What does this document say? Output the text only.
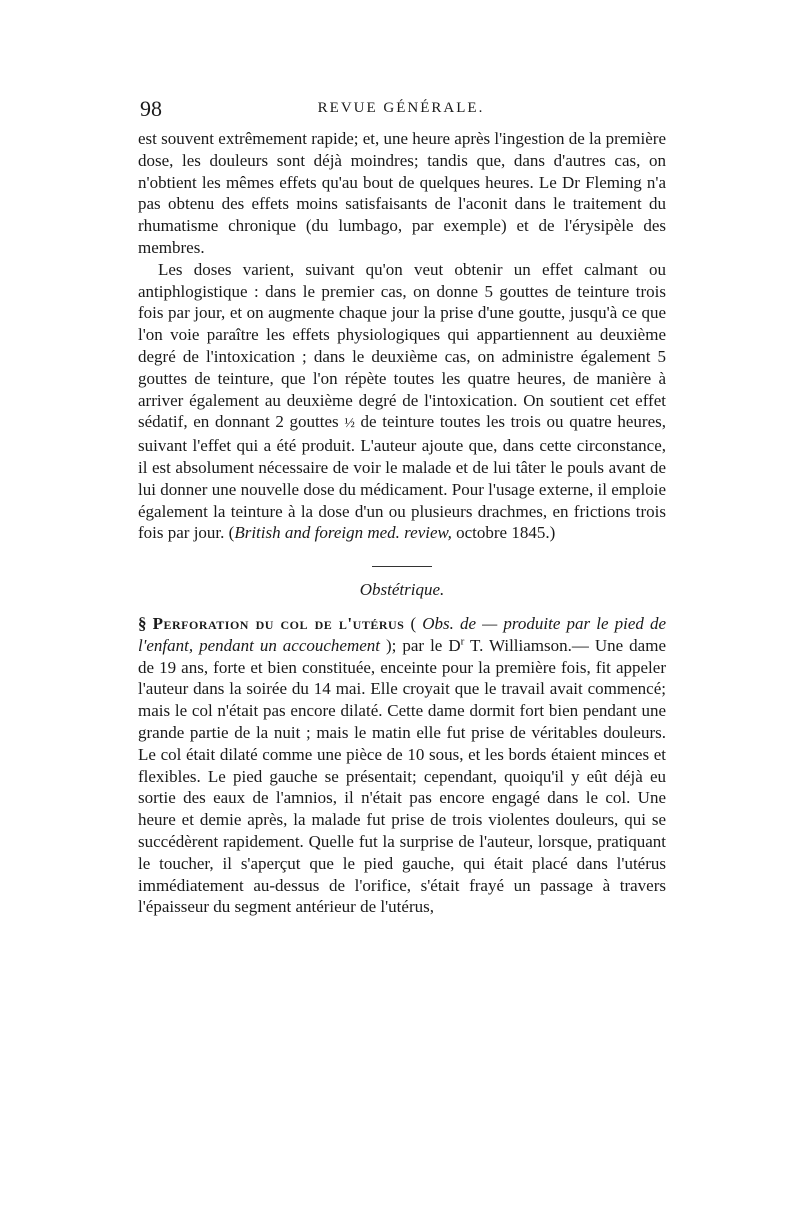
98	REVUE GÉNÉRALE.

est souvent extrêmement rapide; et, une heure après l'ingestion de la première dose, les douleurs sont déjà moindres; tandis que, dans d'autres cas, on n'obtient les mêmes effets qu'au bout de quelques heures. Le Dr Fleming n'a pas obtenu des effets moins satisfaisants de l'aconit dans le traitement du rhumatisme chronique (du lumbago, par exemple) et de l'érysipèle des membres.

Les doses varient, suivant qu'on veut obtenir un effet calmant ou antiphlogistique : dans le premier cas, on donne 5 gouttes de teinture trois fois par jour, et on augmente chaque jour la prise d'une goutte, jusqu'à ce que l'on voie paraître les effets physiologiques qui appartiennent au deuxième degré de l'intoxication ; dans le deuxième cas, on administre également 5 gouttes de teinture, que l'on répète toutes les quatre heures, de manière à arriver également au deuxième degré de l'intoxication. On soutient cet effet sédatif, en donnant 2 gouttes ½ de teinture toutes les trois ou quatre heures, suivant l'effet qui a été produit. L'auteur ajoute que, dans cette circonstance, il est absolument nécessaire de voir le malade et de lui tâter le pouls avant de lui donner une nouvelle dose du médicament. Pour l'usage externe, il emploie également la teinture à la dose d'un ou plusieurs drachmes, en frictions trois fois par jour. (British and foreign med. review, octobre 1845.)

Obstétrique.

§ Perforation du col de l'utérus ( Obs. de — produite par le pied de l'enfant, pendant un accouchement ); par le $D^r$ T. Williamson.— Une dame de 19 ans, forte et bien constituée, enceinte pour la première fois, fit appeler l'auteur dans la soirée du 14 mai. Elle croyait que le travail avait commencé; mais le col n'était pas encore dilaté. Cette dame dormit fort bien pendant une grande partie de la nuit ; mais le matin elle fut prise de véritables douleurs. Le col était dilaté comme une pièce de 10 sous, et les bords étaient minces et flexibles. Le pied gauche se présentait; cependant, quoiqu'il y eût déjà eu sortie des eaux de l'amnios, il n'était pas encore engagé dans le col. Une heure et demie après, la malade fut prise de trois violentes douleurs, qui se succédèrent rapidement. Quelle fut la surprise de l'auteur, lorsque, pratiquant le toucher, il s'aperçut que le pied gauche, qui était placé dans l'utérus immédiatement au-dessus de l'orifice, s'était frayé un passage à travers l'épaisseur du segment antérieur de l'utérus,
